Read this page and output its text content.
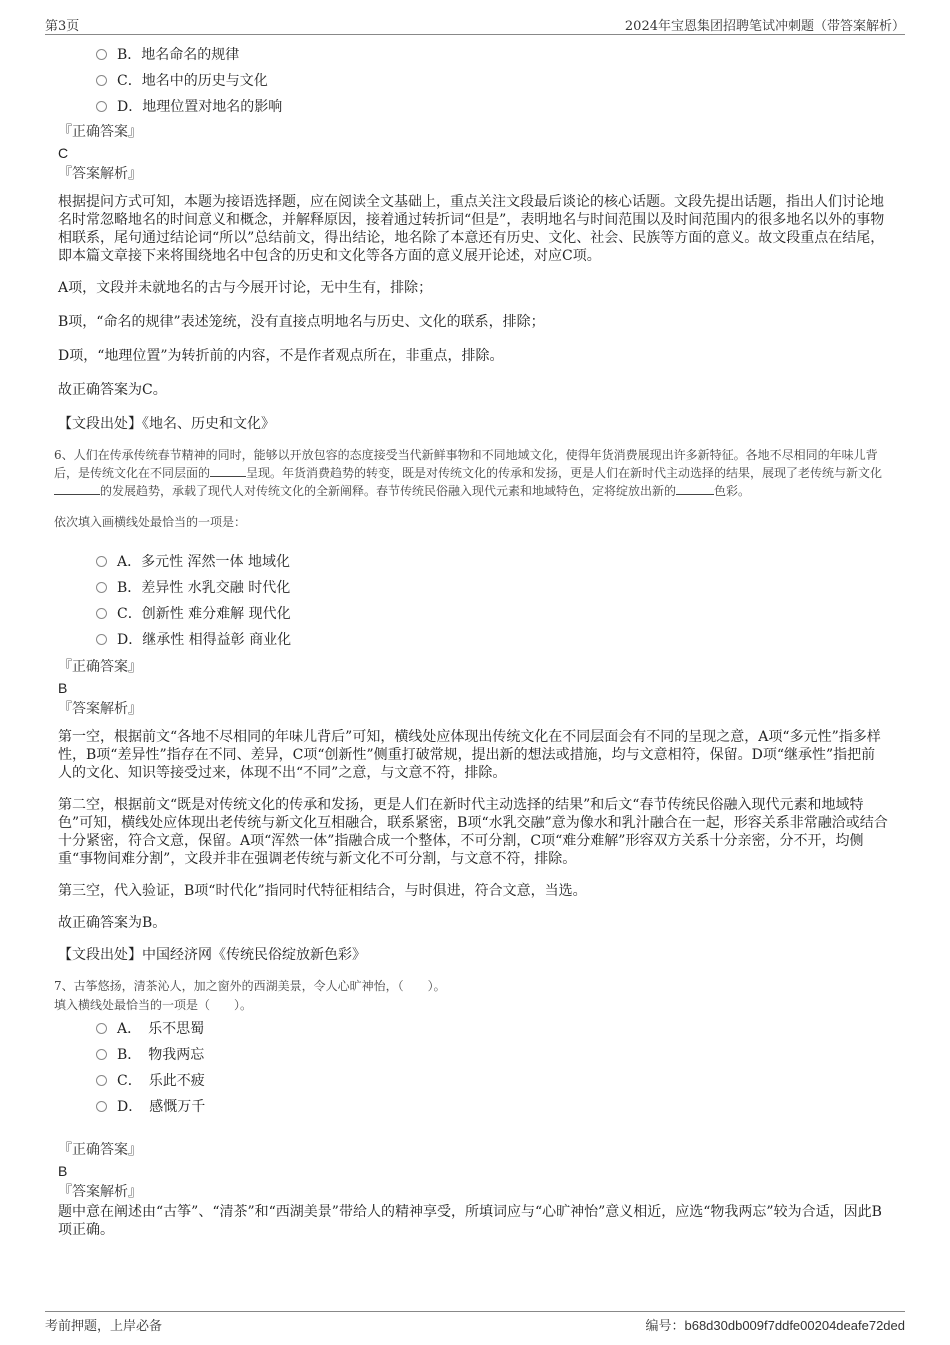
第3页	2024年宝恩集团招聘笔试冲刺题（带答案解析）
B．地名命名的规律
C．地名中的历史与文化
D．地理位置对地名的影响
『正确答案』
C
『答案解析』

根据提问方式可知，本题为接语选择题，应在阅读全文基础上，重点关注文段最后谈论的核心话题。文段先提出话题，指出人们讨论地名时常忽略地名的时间意义和概念，并解释原因，接着通过转折词“但是”，表明地名与时间范围以及时间范围内的很多地名以外的事物相联系，尾句通过结论词“所以”总结前文，得出结论，地名除了本意还有历史、文化、社会、民族等方面的意义。故文段重点在结尾，即本篇文章接下来将围绕地名中包含的历史和文化等各方面的意义展开论述，对应C项。

A项，文段并未就地名的古与今展开讨论，无中生有，排除；

B项，“命名的规律”表述笼统，没有直接点明地名与历史、文化的联系，排除；

D项，“地理位置”为转折前的内容，不是作者观点所在，非重点，排除。

故正确答案为C。

【文段出处】《地名、历史和文化》

6、人们在传承传统春节精神的同时，能够以开放包容的态度接受当代新鲜事物和不同地域文化，使得年货消费展现出许多新特征。各地不尽相同的年味儿背后，是传统文化在不同层面的	呈现。年货消费趋势的转变，既是对传统文化的传承和发扬，更是人们在新时代主动选择的结果，展现了老传统与新文化的发展趋势，承载了现代人对传统文化的全新阐释。春节传统民俗融入现代元素和地域特色，定将绽放出新的	色彩。

依次填入画横线处最恰当的一项是：

A．多元性 浑然一体 地域化
B．差异性 水乳交融 时代化
C．创新性 难分难解 现代化
D．继承性 相得益彰 商业化
『正确答案』
B
『答案解析』

第一空，根据前文“各地不尽相同的年味儿背后”可知，横线处应体现出传统文化在不同层面会有不同的呈现之意，A项“多元性”指多样性，B项“差异性”指存在不同、差异，C项“创新性”侧重打破常规，提出新的想法或措施，均与文意相符，保留。D项“继承性”指把前人的文化、知识等接受过来，体现不出“不同”之意，与文意不符，排除。

第二空，根据前文“既是对传统文化的传承和发扬，更是人们在新时代主动选择的结果”和后文“春节传统民俗融入现代元素和地域特色”可知，横线处应体现出老传统与新文化互相融合，联系紧密，B项“水乳交融”意为像水和乳汁融合在一起，形容关系非常融洽或结合十分紧密，符合文意，保留。A项“浑然一体”指融合成一个整体，不可分割，C项“难分难解”形容双方关系十分亲密，分不开，均侧重“事物间难分割”，文段并非在强调老传统与新文化不可分割，与文意不符，排除。

第三空，代入验证，B项“时代化”指同时代特征相结合，与时俱进，符合文意，当选。

故正确答案为B。

【文段出处】中国经济网《传统民俗绽放新色彩》

7、古筝悠扬，清茶沁人，加之窗外的西湖美景，令人心旷神怡，（　　）。

填入横线处最恰当的一项是（　　）。

A．　乐不思蜀
B．　物我两忘
C．　乐此不疲
D．　感慨万千
『正确答案』
B
『答案解析』

题中意在阐述由“古筝”、“清茶”和“西湖美景”带给人的精神享受，所填词应与“心旷神怡”意义相近，应选“物我两忘”较为合适，因此B项正确。

考前押题，上岸必备	编号：b68d30db009f7ddfe00204deafe72ded
